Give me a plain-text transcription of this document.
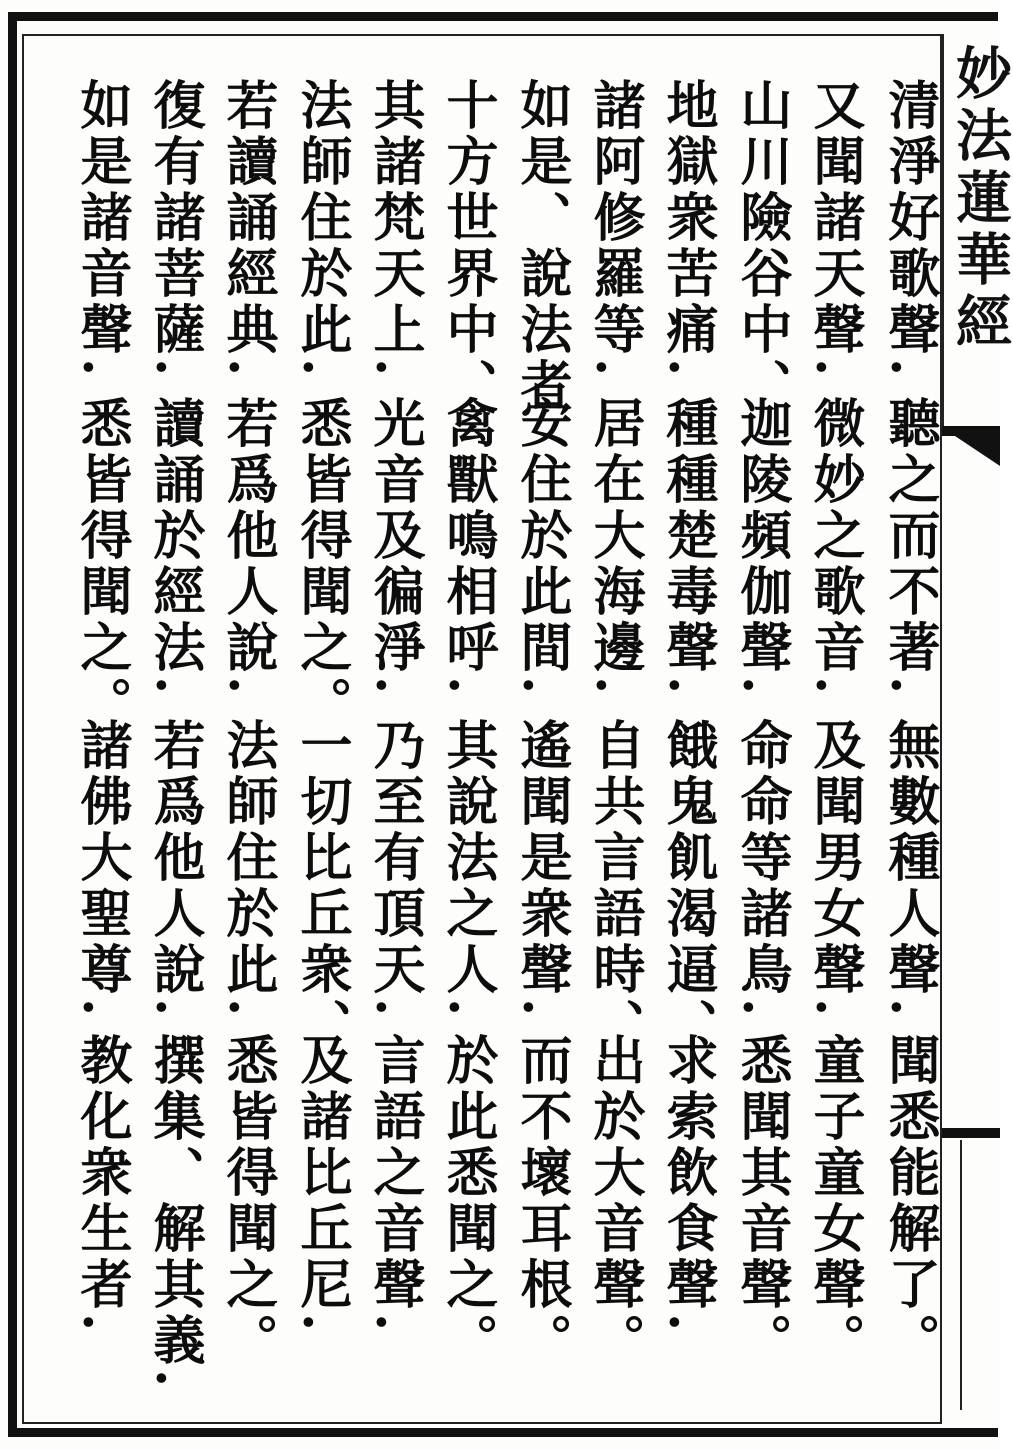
妙法蓮華經
清淨好歌聲.
聽之而不著.
無數種人聲.
聞悉能解了。
又聞諸天聲.
微妙之歌音.
及聞男女聲.
童子童女聲。
山川險谷中、
迦陵頻伽聲.
命命等諸鳥.
悉聞其音聲。
地獄衆苦痛.
種種楚毒聲.
餓鬼飢渴逼、
求索飲食聲.
諸阿修羅等.
居在大海邊.
自共言語時、
出於大音聲。
如是、說法者
安住於此間.
遙聞是衆聲.
而不壞耳根。
十方世界中、
禽獸鳴相呼.
其說法之人.
於此悉聞之。
其諸梵天上.
光音及徧淨.
乃至有頂天.
言語之音聲.
法師住於此.
悉皆得聞之。
一切比丘衆、
及諸比丘尼.
若讀誦經典.
若爲他人說.
法師住於此.
悉皆得聞之。
復有諸菩薩.
讀誦於經法.
若爲他人說.
撰集、解其義.
如是諸音聲.
悉皆得聞之。
諸佛大聖尊.
教化衆生者.
